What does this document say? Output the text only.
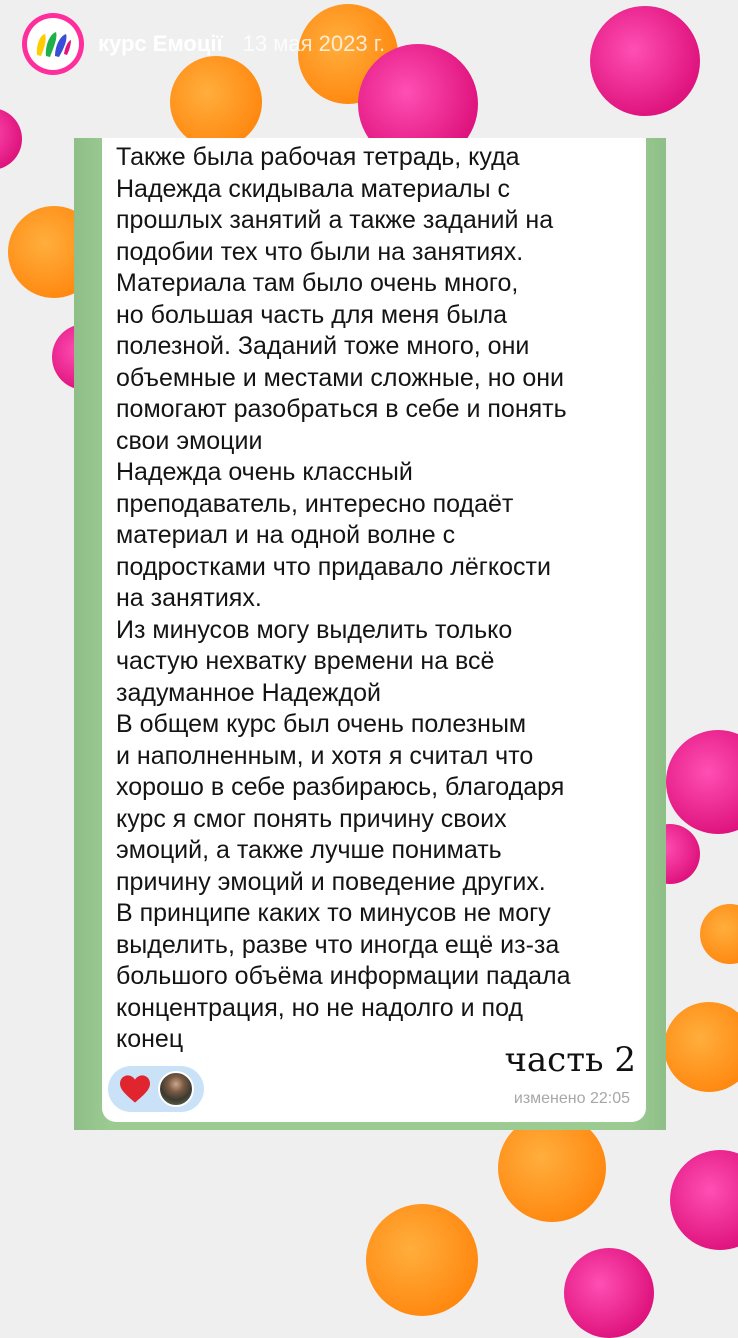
курс Емоції 13 мая 2023 г.

Также была рабочая тетрадь, куда
Надежда скидывала материалы с
прошлых занятий а также заданий на
подобии тех что были на занятиях.
Материала там было очень много,
но большая часть для меня была
полезной. Заданий тоже много, они
объемные и местами сложные, но они
помогают разобраться в себе и понять
свои эмоции
Надежда очень классный
преподаватель, интересно подаёт
материал и на одной волне с
подростками что придавало лёгкости
на занятиях.
Из минусов могу выделить только
частую нехватку времени на всё
задуманное Надеждой
В общем курс был очень полезным
и наполненным, и хотя я считал что
хорошо в себе разбираюсь, благодаря
курс я смог понять причину своих
эмоций, а также лучше понимать
причину эмоций и поведение других.
В принципе каких то минусов не могу
выделить, разве что иногда ещё из-за
большого объёма информации падала
концентрация, но не надолго и под
конец

изменено 22:05
часть 2
